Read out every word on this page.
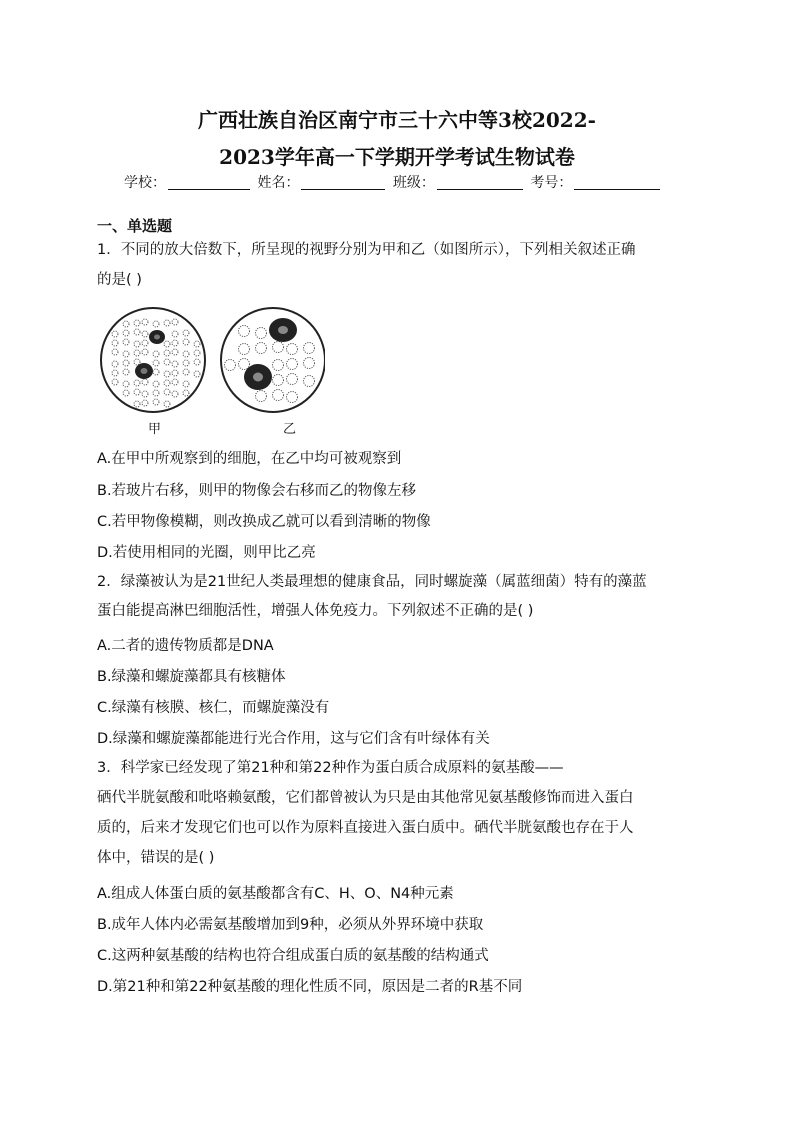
广西壮族自治区南宁市三十六中等3校2022-
2023学年高一下学期开学考试生物试卷
学校：	姓名：	班级：	考号：
一、单选题
1．不同的放大倍数下，所呈现的视野分别为甲和乙（如图所示），下列相关叙述正确
的是( )
甲	乙
A.在甲中所观察到的细胞，在乙中均可被观察到
B.若玻片右移，则甲的物像会右移而乙的物像左移
C.若甲物像模糊，则改换成乙就可以看到清晰的物像
D.若使用相同的光圈，则甲比乙亮
2．绿藻被认为是21世纪人类最理想的健康食品，同时螺旋藻（属蓝细菌）特有的藻蓝
蛋白能提高淋巴细胞活性，增强人体免疫力。下列叙述不正确的是( )
A.二者的遗传物质都是DNA
B.绿藻和螺旋藻都具有核糖体
C.绿藻有核膜、核仁，而螺旋藻没有
D.绿藻和螺旋藻都能进行光合作用，这与它们含有叶绿体有关
3．科学家已经发现了第21种和第22种作为蛋白质合成原料的氨基酸——
硒代半胱氨酸和吡咯赖氨酸，它们都曾被认为只是由其他常见氨基酸修饰而进入蛋白
质的，后来才发现它们也可以作为原料直接进入蛋白质中。硒代半胱氨酸也存在于人
体中，错误的是( )
A.组成人体蛋白质的氨基酸都含有C、H、O、N4种元素
B.成年人体内必需氨基酸增加到9种，必须从外界环境中获取
C.这两种氨基酸的结构也符合组成蛋白质的氨基酸的结构通式
D.第21种和第22种氨基酸的理化性质不同，原因是二者的R基不同
